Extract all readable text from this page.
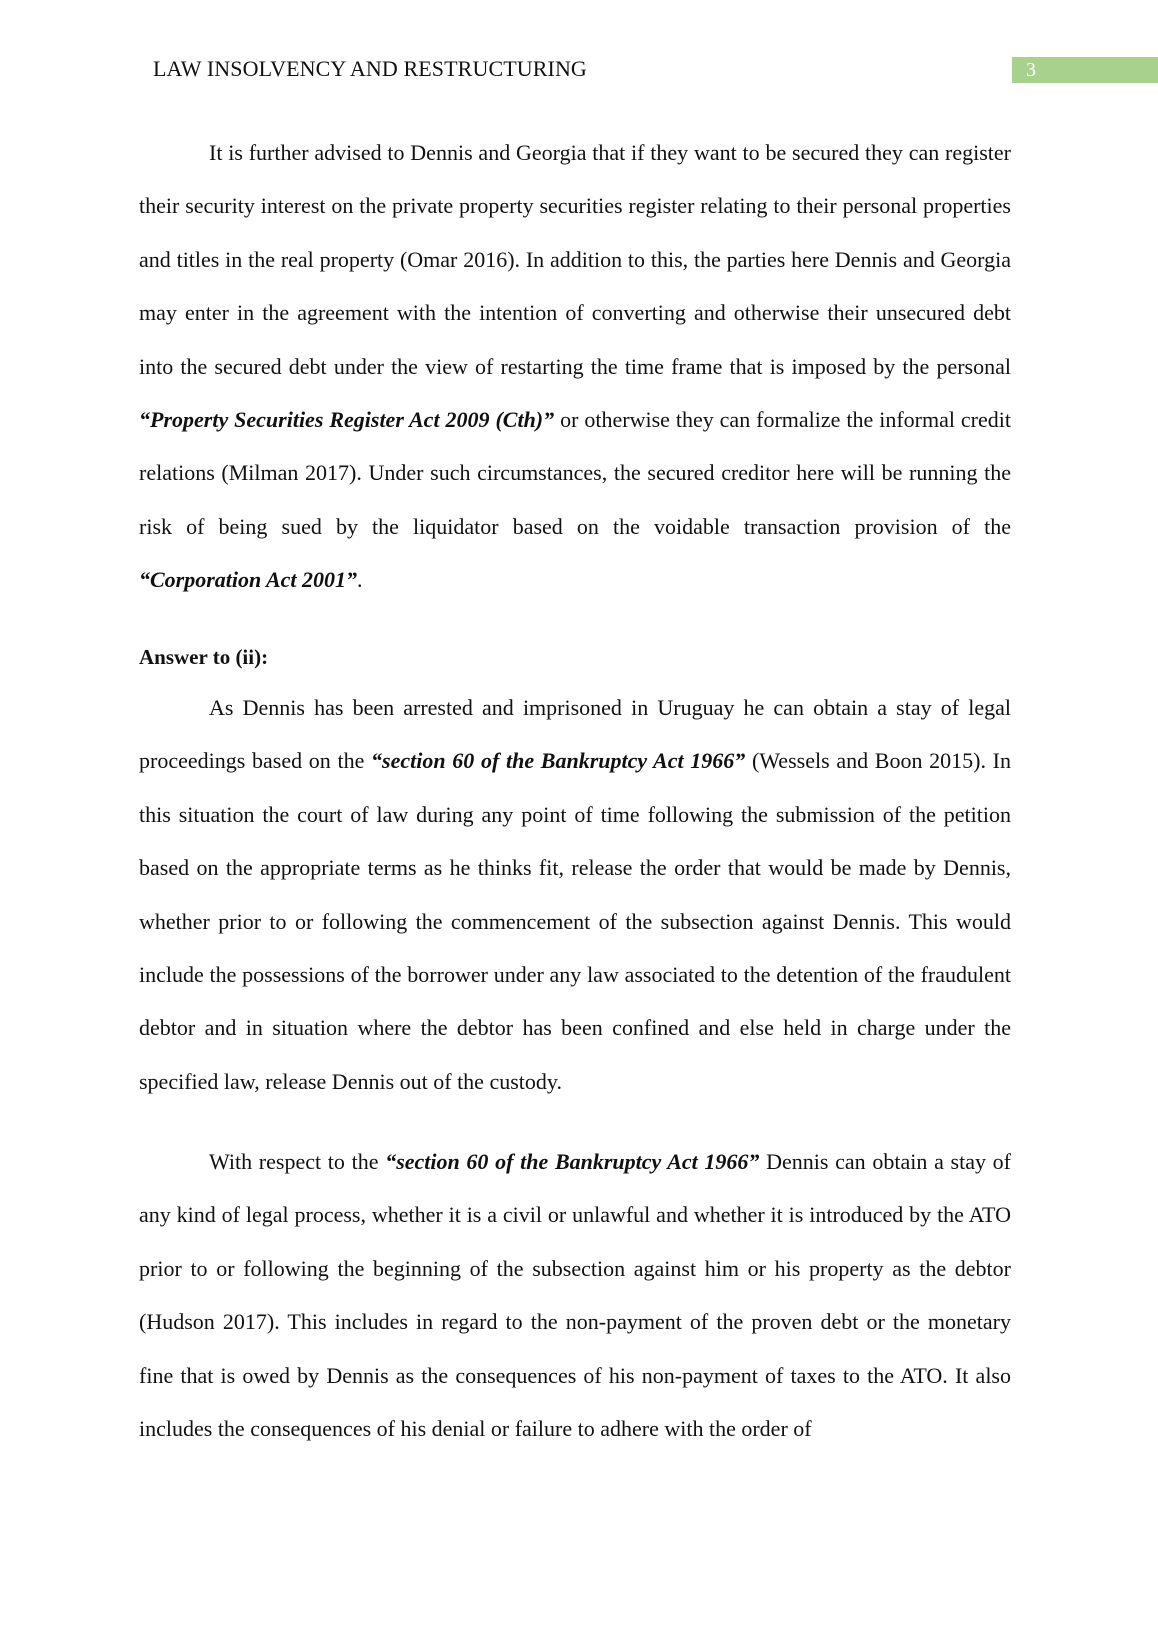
LAW INSOLVENCY AND RESTRUCTURING	3

It is further advised to Dennis and Georgia that if they want to be secured they can register their security interest on the private property securities register relating to their personal properties and titles in the real property (Omar 2016). In addition to this, the parties here Dennis and Georgia may enter in the agreement with the intention of converting and otherwise their unsecured debt into the secured debt under the view of restarting the time frame that is imposed by the personal “Property Securities Register Act 2009 (Cth)” or otherwise they can formalize the informal credit relations (Milman 2017). Under such circumstances, the secured creditor here will be running the risk of being sued by the liquidator based on the voidable transaction provision of the “Corporation Act 2001”.

Answer to (ii):

As Dennis has been arrested and imprisoned in Uruguay he can obtain a stay of legal proceedings based on the “section 60 of the Bankruptcy Act 1966” (Wessels and Boon 2015). In this situation the court of law during any point of time following the submission of the petition based on the appropriate terms as he thinks fit, release the order that would be made by Dennis, whether prior to or following the commencement of the subsection against Dennis. This would include the possessions of the borrower under any law associated to the detention of the fraudulent debtor and in situation where the debtor has been confined and else held in charge under the specified law, release Dennis out of the custody.

With respect to the “section 60 of the Bankruptcy Act 1966” Dennis can obtain a stay of any kind of legal process, whether it is a civil or unlawful and whether it is introduced by the ATO prior to or following the beginning of the subsection against him or his property as the debtor (Hudson 2017). This includes in regard to the non-payment of the proven debt or the monetary fine that is owed by Dennis as the consequences of his non-payment of taxes to the ATO. It also includes the consequences of his denial or failure to adhere with the order of
